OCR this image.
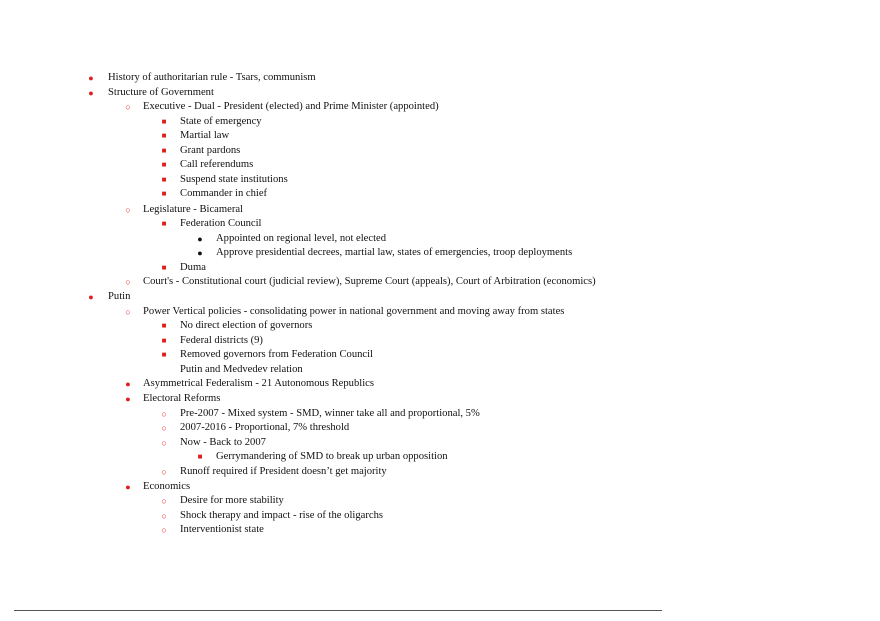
●	History of authoritarian rule - Tsars, communism
●	Structure of Government
○	Executive - Dual - President (elected) and Prime Minister (appointed)
■	State of emergency
■	Martial law
■	Grant pardons
■	Call referendums
■	Suspend state institutions
■	Commander in chief
○	Legislature - Bicameral
■	Federation Council
●	Appointed on regional level, not elected
●	Approve presidential decrees, martial law, states of emergencies, troop deployments
■	Duma
○	Court's - Constitutional court (judicial review), Supreme Court (appeals), Court of Arbitration (economics)
●	Putin
○	Power Vertical policies - consolidating power in national government and moving away from states
■	No direct election of governors
■	Federal districts (9)
■	Removed governors from Federation Council
Putin and Medvedev relation
●	Asymmetrical Federalism - 21 Autonomous Republics
●	Electoral Reforms
○	Pre-2007 - Mixed system - SMD, winner take all and proportional, 5%
○	2007-2016 - Proportional, 7% threshold
○	Now - Back to 2007
■	Gerrymandering of SMD to break up urban opposition
○	Runoff required if President doesn’t get majority
●	Economics
○	Desire for more stability
○	Shock therapy and impact - rise of the oligarchs
○	Interventionist state
